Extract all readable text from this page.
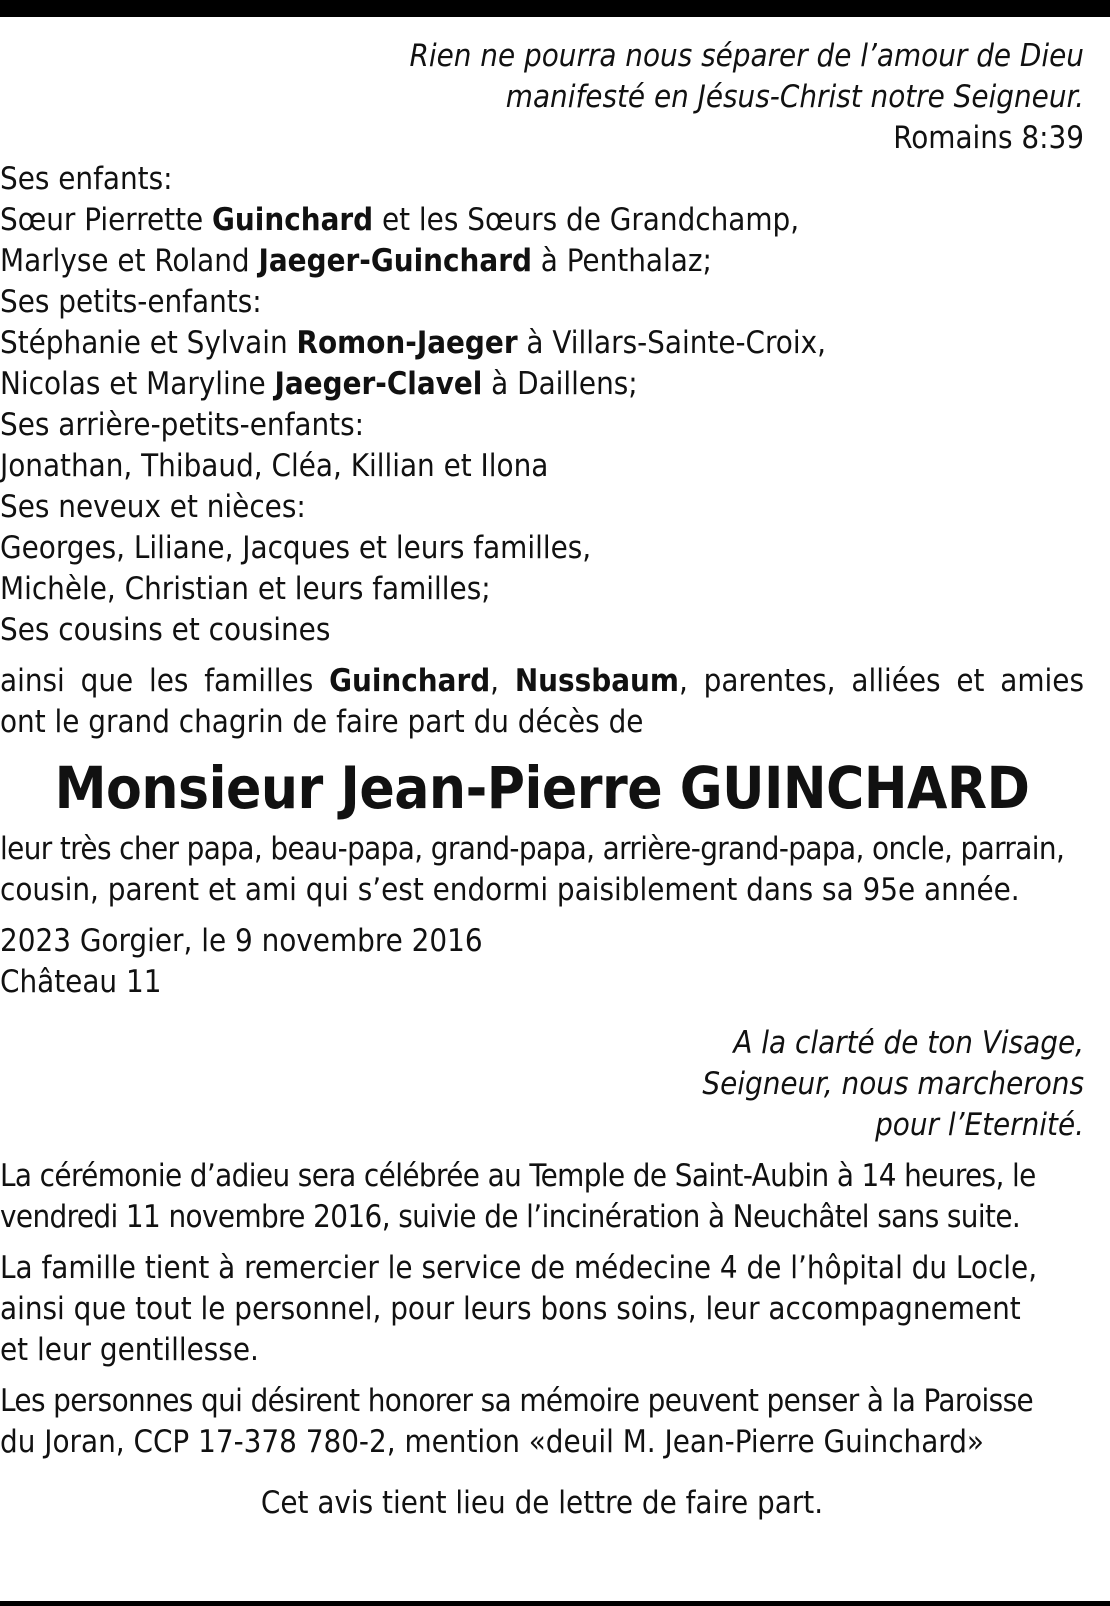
Rien ne pourra nous séparer de l’amour de Dieu
manifesté en Jésus-Christ notre Seigneur.
Romains 8:39
Ses enfants:
Sœur Pierrette Guinchard et les Sœurs de Grandchamp,
Marlyse et Roland Jaeger-Guinchard à Penthalaz;
Ses petits-enfants:
Stéphanie et Sylvain Romon-Jaeger à Villars-Sainte-Croix,
Nicolas et Maryline Jaeger-Clavel à Daillens;
Ses arrière-petits-enfants:
Jonathan, Thibaud, Cléa, Killian et Ilona
Ses neveux et nièces:
Georges, Liliane, Jacques et leurs familles,
Michèle, Christian et leurs familles;
Ses cousins et cousines
ainsi que les familles Guinchard, Nussbaum, parentes, alliées et amies
ont le grand chagrin de faire part du décès de
Monsieur Jean-Pierre GUINCHARD
leur très cher papa, beau-papa, grand-papa, arrière-grand-papa, oncle, parrain,
cousin, parent et ami qui s’est endormi paisiblement dans sa 95e année.
2023 Gorgier, le 9 novembre 2016
Château 11
A la clarté de ton Visage,
Seigneur, nous marcherons
pour l’Eternité.
La cérémonie d’adieu sera célébrée au Temple de Saint-Aubin à 14 heures, le
vendredi 11 novembre 2016, suivie de l’incinération à Neuchâtel sans suite.
La famille tient à remercier le service de médecine 4 de l’hôpital du Locle,
ainsi que tout le personnel, pour leurs bons soins, leur accompagnement
et leur gentillesse.
Les personnes qui désirent honorer sa mémoire peuvent penser à la Paroisse
du Joran, CCP 17-378 780-2, mention «deuil M. Jean-Pierre Guinchard»
Cet avis tient lieu de lettre de faire part.
